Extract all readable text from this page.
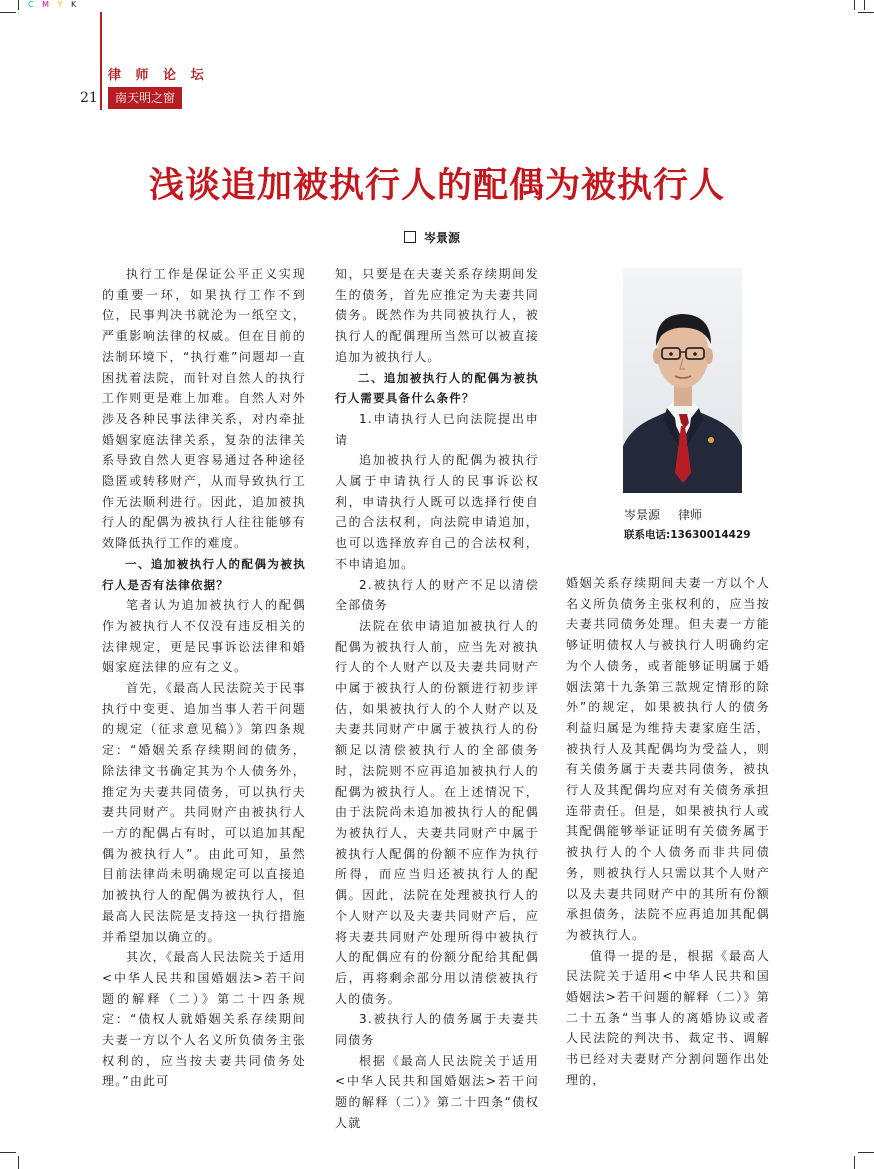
C M Y K
律 师 论 坛
21	南天明之窗
浅谈追加被执行人的配偶为被执行人
岑景源

执行工作是保证公平正义实现的重要一环，如果执行工作不到位，民事判决书就沦为一纸空文，严重影响法律的权威。但在目前的法制环境下，“执行难”问题却一直困扰着法院，而针对自然人的执行工作则更是难上加难。自然人对外涉及各种民事法律关系，对内牵扯婚姻家庭法律关系，复杂的法律关系导致自然人更容易通过各种途径隐匿或转移财产，从而导致执行工作无法顺利进行。因此，追加被执行人的配偶为被执行人往往能够有效降低执行工作的难度。

一、追加被执行人的配偶为被执行人是否有法律依据？

笔者认为追加被执行人的配偶作为被执行人不仅没有违反相关的法律规定，更是民事诉讼法律和婚姻家庭法律的应有之义。

首先，《最高人民法院关于民事执行中变更、追加当事人若干问题的规定（征求意见稿）》第四条规定：“婚姻关系存续期间的债务，除法律文书确定其为个人债务外，推定为夫妻共同债务，可以执行夫妻共同财产。共同财产由被执行人一方的配偶占有时，可以追加其配偶为被执行人”。由此可知，虽然目前法律尚未明确规定可以直接追加被执行人的配偶为被执行人，但最高人民法院是支持这一执行措施并希望加以确立的。

其次，《最高人民法院关于适用<中华人民共和国婚姻法>若干问题的解释（二）》第二十四条规定：“债权人就婚姻关系存续期间夫妻一方以个人名义所负债务主张权利的，应当按夫妻共同债务处理。”由此可

知，只要是在夫妻关系存续期间发生的债务，首先应推定为夫妻共同债务。既然作为共同被执行人，被执行人的配偶理所当然可以被直接追加为被执行人。

二、追加被执行人的配偶为被执行人需要具备什么条件？

1.申请执行人已向法院提出申请

追加被执行人的配偶为被执行人属于申请执行人的民事诉讼权利，申请执行人既可以选择行使自己的合法权利，向法院申请追加，也可以选择放弃自己的合法权利，不申请追加。

2.被执行人的财产不足以清偿全部债务

法院在依申请追加被执行人的配偶为被执行人前，应当先对被执行人的个人财产以及夫妻共同财产中属于被执行人的份额进行初步评估，如果被执行人的个人财产以及夫妻共同财产中属于被执行人的份额足以清偿被执行人的全部债务时，法院则不应再追加被执行人的配偶为被执行人。在上述情况下，由于法院尚未追加被执行人的配偶为被执行人，夫妻共同财产中属于被执行人配偶的份额不应作为执行所得，而应当归还被执行人的配偶。因此，法院在处理被执行人的个人财产以及夫妻共同财产后，应将夫妻共同财产处理所得中被执行人的配偶应有的份额分配给其配偶后，再将剩余部分用以清偿被执行人的债务。

3.被执行人的债务属于夫妻共同债务

根据《最高人民法院关于适用<中华人民共和国婚姻法>若干问题的解释（二）》第二十四条“债权人就

岑景源 律师
联系电话:13630014429

婚姻关系存续期间夫妻一方以个人名义所负债务主张权利的，应当按夫妻共同债务处理。但夫妻一方能够证明债权人与被执行人明确约定为个人债务，或者能够证明属于婚姻法第十九条第三款规定情形的除外”的规定，如果被执行人的债务利益归属是为维持夫妻家庭生活，被执行人及其配偶均为受益人，则有关债务属于夫妻共同债务，被执行人及其配偶均应对有关债务承担连带责任。但是，如果被执行人或其配偶能够举证证明有关债务属于被执行人的个人债务而非共同债务，则被执行人只需以其个人财产以及夫妻共同财产中的其所有份额承担债务，法院不应再追加其配偶为被执行人。

值得一提的是，根据《最高人民法院关于适用<中华人民共和国婚姻法>若干问题的解释（二）》第二十五条“当事人的离婚协议或者人民法院的判决书、裁定书、调解书已经对夫妻财产分割问题作出处理的，
